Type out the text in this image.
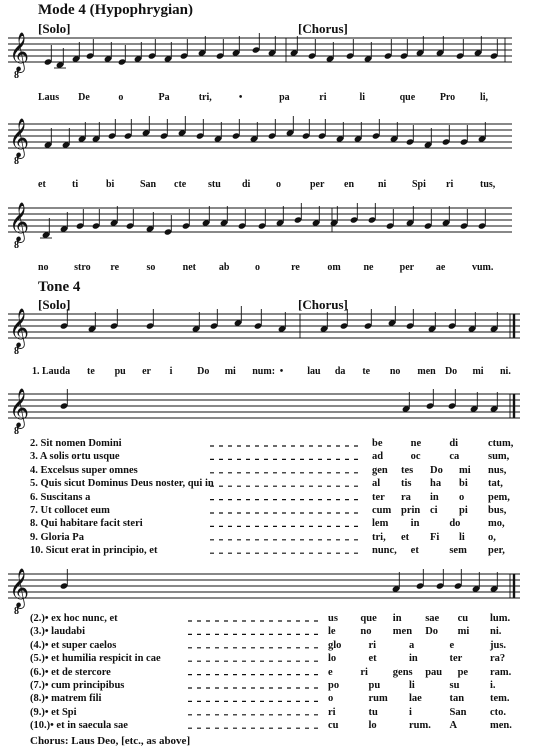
Mode 4 (Hypophrygian)
[Solo]	[Chorus]
Tone 4
[Solo]	[Chorus]
𝄞
8
𝄞
8
𝄞
8
𝄞
8
𝄞
8
𝄞
8
Laus De	o	Pa	tri,	•	pa	ri	li	que Pro li,
et	ti	bi	San cte stu di	o	per en ni	Spi ri	tus,
no	stro re	so	net ab	o	re	om ne	per ae	vum.
1. Lau da te pu er i Do mi num: • lau da te no men Do mi ni.
2. Sit nomen Domini	be	ne	di	ctum,
3. A solis ortu usque	ad	oc	ca	sum,
4. Excelsus super omnes	gen tes Do mi nus,
5. Quis sicut Dominus Deus noster, qui in	al tis ha bi tat,
6. Suscitans a	ter ra in o pem,
7. Ut collocet eum	cum prin ci pi bus,
8. Qui habitare facit steri	lem in	do	mo,
9. Gloria Pa	tri, et Fi li o,
10. Sicut erat in principio, et	nunc, et	sem per,
(2.)• ex hoc nunc, et	us que in sae cu lum.
(3.)• laudabi	le no men Do mi ni.
(4.)• et super caelos	glo	ri	a	e	jus.
(5.)• et humilia respicit in cae	lo	et	in	ter	ra?
(6.)• et de stercore	e	ri gens pau pe ram.
(7.)• cum principibus	po	pu	li	su	i.
(8.)• matrem fili	o	rum lae	tan tem.
(9.)• et Spi	ri	tu	i	San cto.
(10.)• et in saecula sae	cu	lo	rum. A	men.
Chorus: Laus Deo, [etc., as above]
